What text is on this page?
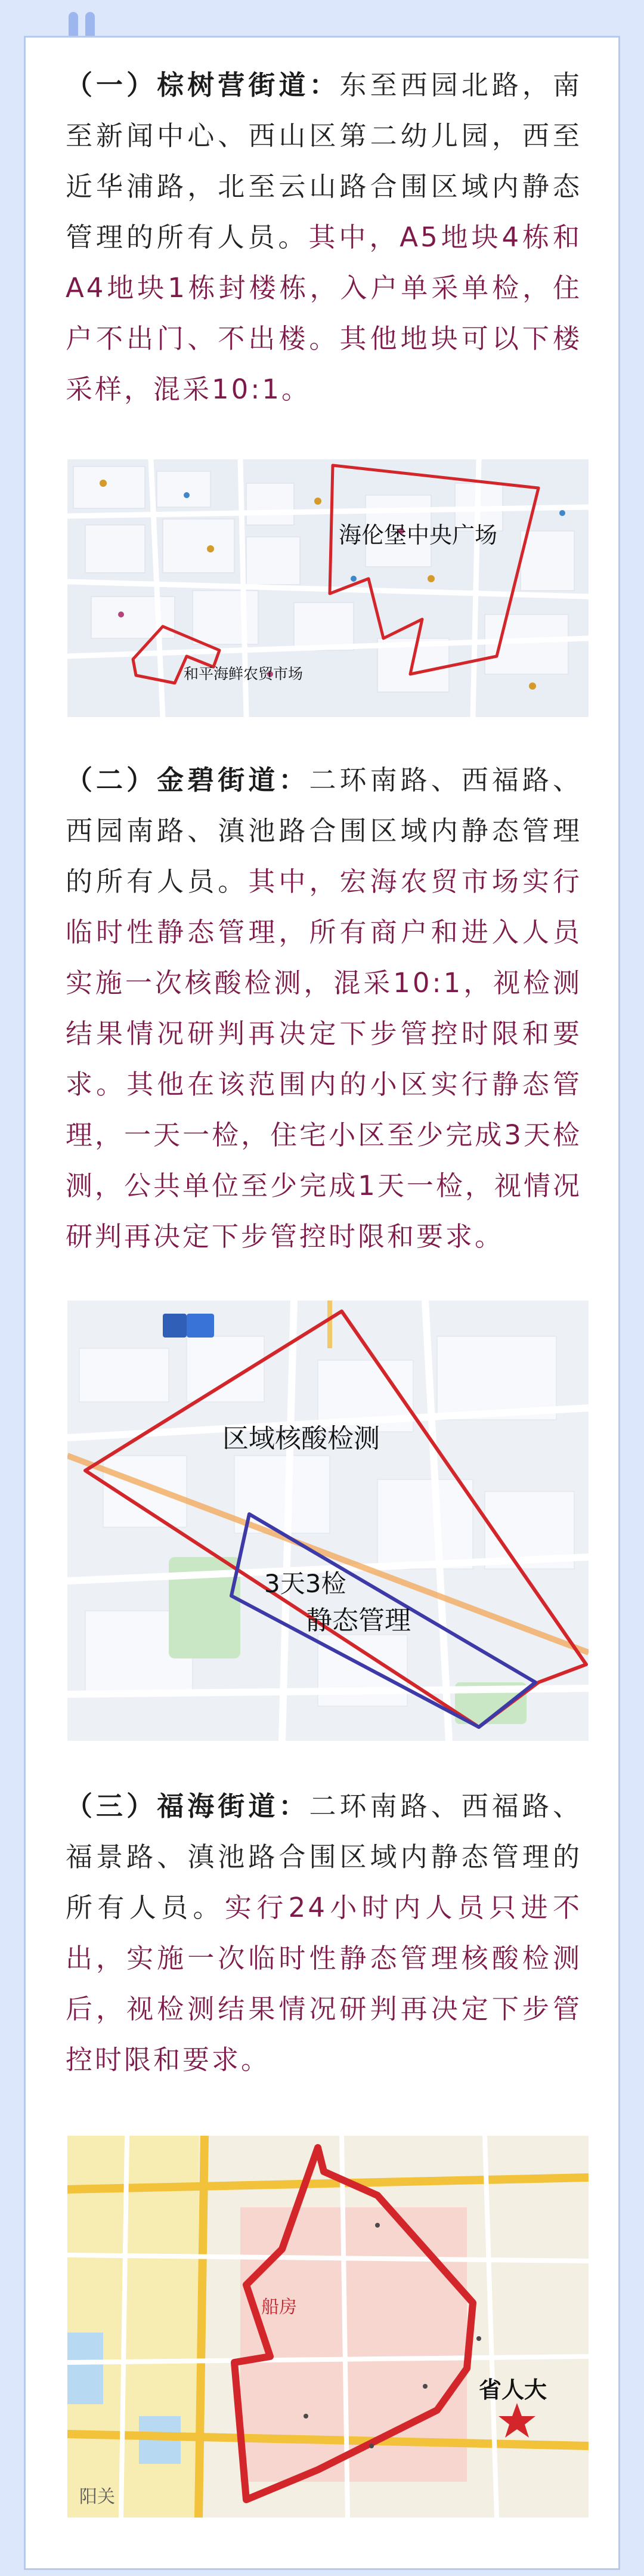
（一）棕树营街道：东至西园北路，南至新闻中心、西山区第二幼儿园，西至近华浦路，北至云山路合围区域内静态管理的所有人员。其中，A5地块4栋和A4地块1栋封楼栋，入户单采单检，住户不出门、不出楼。其他地块可以下楼采样，混采10:1。

海伦堡中央广场
和平海鲜农贸市场

（二）金碧街道：二环南路、西福路、西园南路、滇池路合围区域内静态管理的所有人员。其中，宏海农贸市场实行临时性静态管理，所有商户和进入人员实施一次核酸检测，混采10:1，视检测结果情况研判再决定下步管控时限和要求。其他在该范围内的小区实行静态管理，一天一检，住宅小区至少完成3天检测，公共单位至少完成1天一检，视情况研判再决定下步管控时限和要求。

区域核酸检测
3天3检
静态管理

（三）福海街道：二环南路、西福路、福景路、滇池路合围区域内静态管理的所有人员。实行24小时内人员只进不出，实施一次临时性静态管理核酸检测后，视检测结果情况研判再决定下步管控时限和要求。

船房
省人大
阳关
